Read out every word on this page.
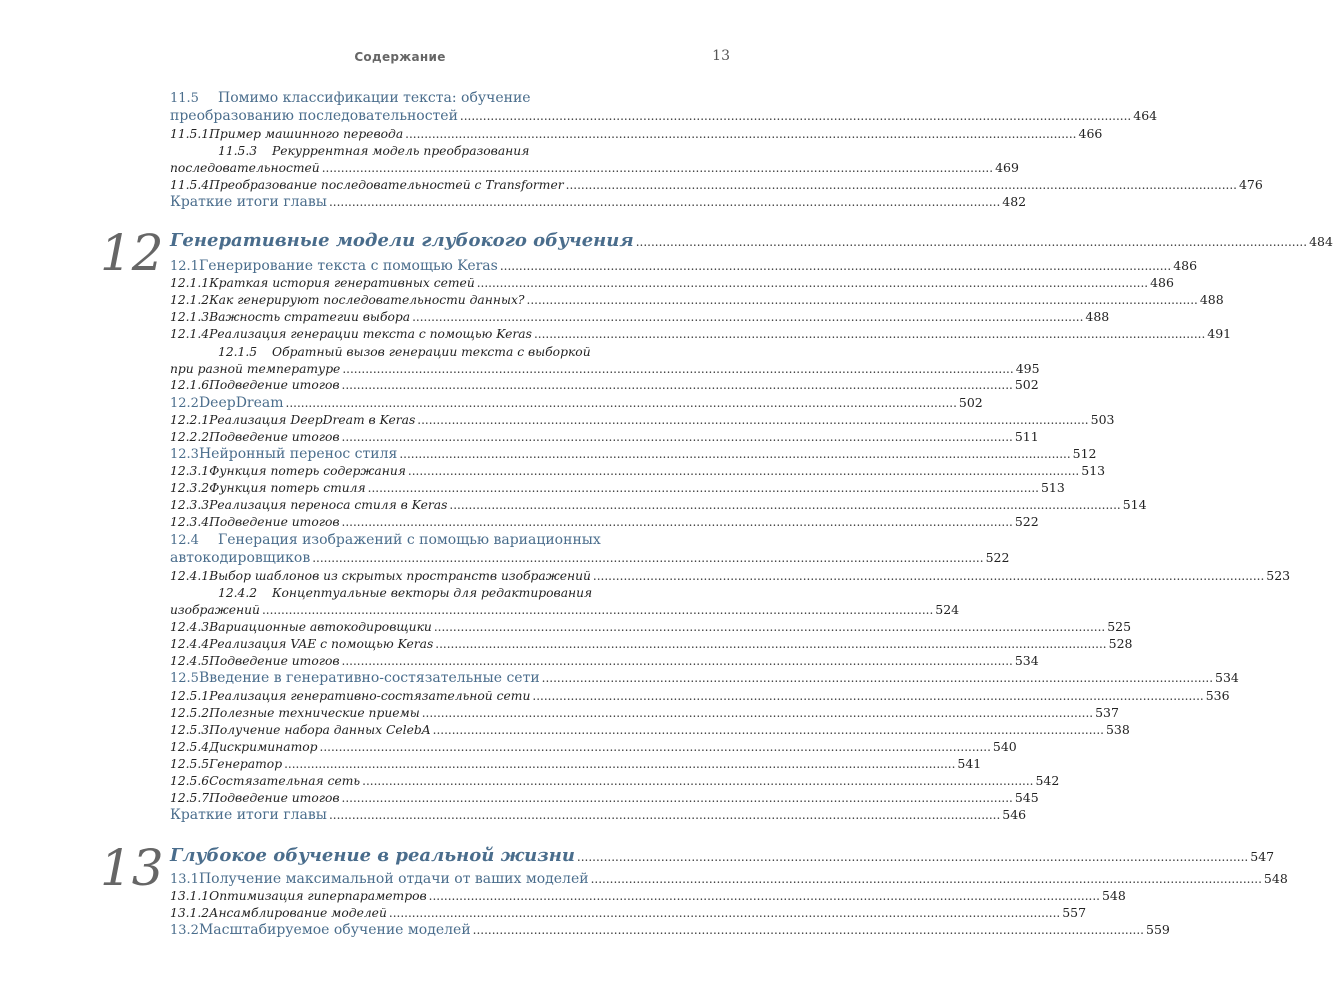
Содержание	13
11.5	Помимо классификации текста: обучение
преобразованию последовательностей .....	464
11.5.1 Пример машинного перевода .....	466
11.5.3	Рекуррентная модель преобразования
последовательностей .....	469
11.5.4 Преобразование последовательностей с Transformer .....	476
Краткие итоги главы .....	482
12 Генеративные модели глубокого обучения .....	484
12.1 Генерирование текста с помощью Keras .....	486
12.1.1 Краткая история генеративных сетей .....	486
12.1.2 Как генерируют последовательности данных? .....	488
12.1.3 Важность стратегии выбора .....	488
12.1.4 Реализация генерации текста с помощью Keras .....	491
12.1.5	Обратный вызов генерации текста с выборкой
при разной температуре .....	495
12.1.6 Подведение итогов .....	502
12.2 DeepDream .....	502
12.2.1 Реализация DeepDream в Keras .....	503
12.2.2 Подведение итогов .....	511
12.3 Нейронный перенос стиля .....	512
12.3.1 Функция потерь содержания .....	513
12.3.2 Функция потерь стиля .....	513
12.3.3 Реализация переноса стиля в Keras .....	514
12.3.4 Подведение итогов .....	522
12.4	Генерация изображений с помощью вариационных
автокодировщиков .....	522
12.4.1 Выбор шаблонов из скрытых пространств изображений .....	523
12.4.2	Концептуальные векторы для редактирования
изображений .....	524
12.4.3 Вариационные автокодировщики .....	525
12.4.4 Реализация VAE с помощью Keras .....	528
12.4.5 Подведение итогов .....	534
12.5 Введение в генеративно-состязательные сети .....	534
12.5.1 Реализация генеративно-состязательной сети .....	536
12.5.2 Полезные технические приемы .....	537
12.5.3 Получение набора данных CelebA .....	538
12.5.4 Дискриминатор .....	540
12.5.5 Генератор .....	541
12.5.6 Состязательная сеть .....	542
12.5.7 Подведение итогов .....	545
Краткие итоги главы .....	546
13 Глубокое обучение в реальной жизни .....	547
13.1 Получение максимальной отдачи от ваших моделей .....	548
13.1.1 Оптимизация гиперпараметров .....	548
13.1.2 Ансамблирование моделей .....	557
13.2 Масштабируемое обучение моделей .....	559
